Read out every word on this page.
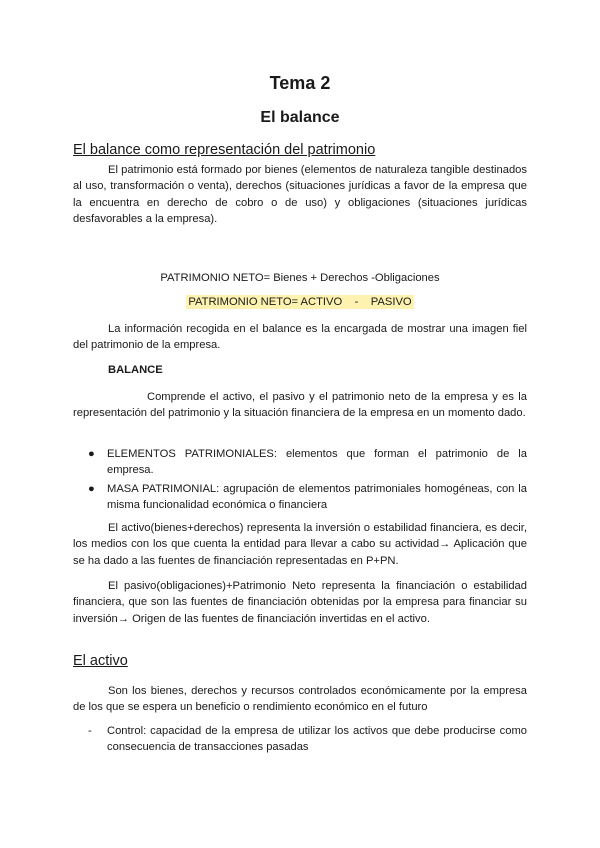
Tema 2
El balance
El balance como representación del patrimonio

El patrimonio está formado por bienes (elementos de naturaleza tangible destinados al uso, transformación o venta), derechos (situaciones jurídicas a favor de la empresa que la encuentra en derecho de cobro o de uso) y obligaciones (situaciones jurídicas desfavorables a la empresa).

PATRIMONIO NETO= Bienes + Derechos -Obligaciones
PATRIMONIO NETO= ACTIVO    -    PASIVO

La información recogida en el balance es la encargada de mostrar una imagen fiel del patrimonio de la empresa.

BALANCE

Comprende el activo, el pasivo y el patrimonio neto de la empresa y es la representación del patrimonio y la situación financiera de la empresa en un momento dado.

● ELEMENTOS PATRIMONIALES: elementos que forman el patrimonio de la empresa.
● MASA PATRIMONIAL: agrupación de elementos patrimoniales homogéneas, con la misma funcionalidad económica o financiera

El activo(bienes+derechos) representa la inversión o estabilidad financiera, es decir, los medios con los que cuenta la entidad para llevar a cabo su actividad→ Aplicación que se ha dado a las fuentes de financiación representadas en P+PN.

El pasivo(obligaciones)+Patrimonio Neto representa la financiación o estabilidad financiera, que son las fuentes de financiación obtenidas por la empresa para financiar su inversión→ Origen de las fuentes de financiación invertidas en el activo.

El activo

Son los bienes, derechos y recursos controlados económicamente por la empresa de los que se espera un beneficio o rendimiento económico en el futuro

- Control: capacidad de la empresa de utilizar los activos que debe producirse como consecuencia de transacciones pasadas
